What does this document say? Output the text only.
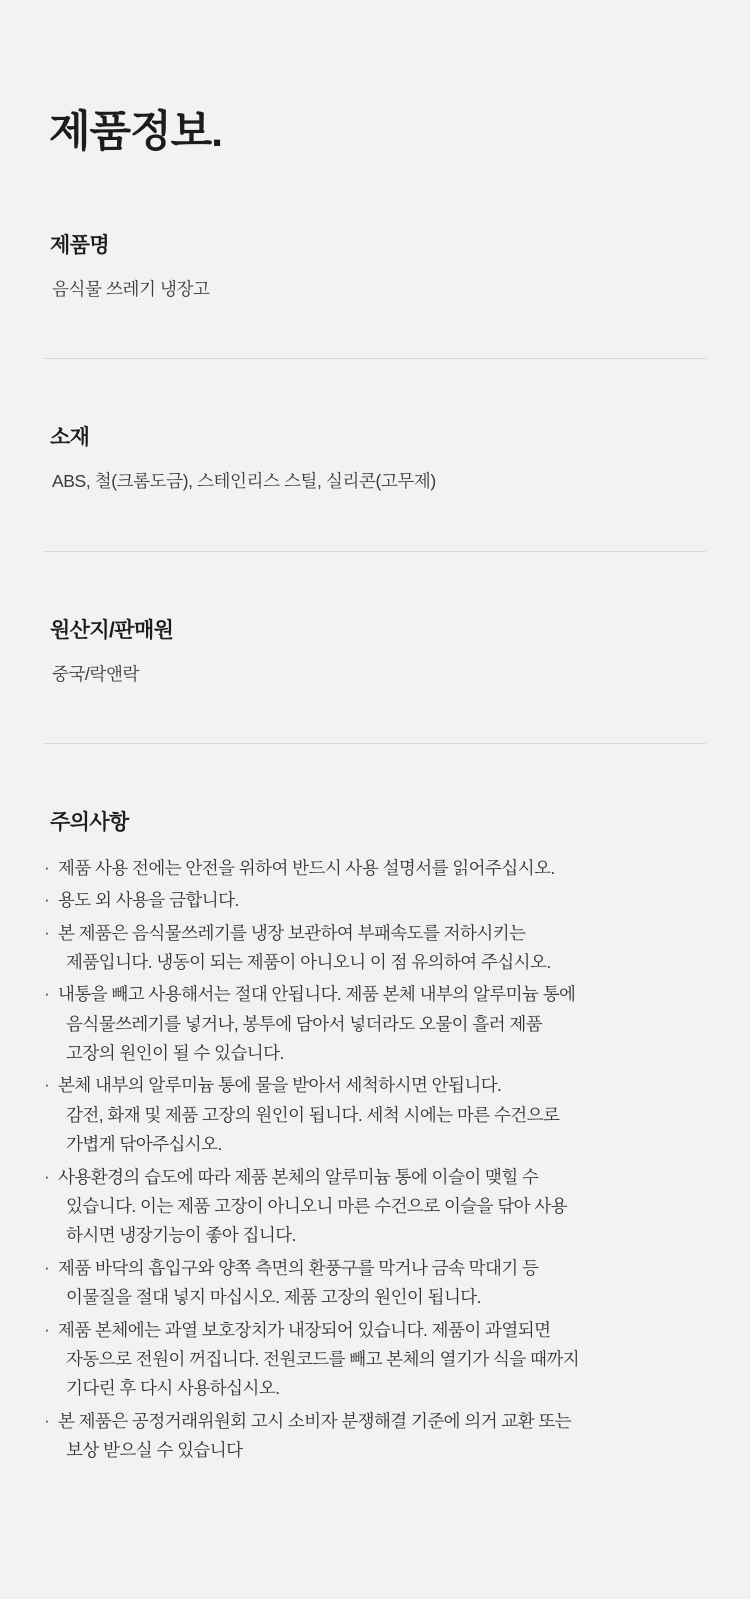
제품정보.
제품명
음식물 쓰레기 냉장고
소재
ABS, 철(크롬도금), 스테인리스 스틸, 실리콘(고무제)
원산지/판매원
중국/락앤락
주의사항
· 제품 사용 전에는 안전을 위하여 반드시 사용 설명서를 읽어주십시오.
· 용도 외 사용을 금합니다.
· 본 제품은 음식물쓰레기를 냉장 보관하여 부패속도를 저하시키는
제품입니다. 냉동이 되는 제품이 아니오니 이 점 유의하여 주십시오.
· 내통을 빼고 사용해서는 절대 안됩니다. 제품 본체 내부의 알루미늄 통에
음식물쓰레기를 넣거나, 봉투에 담아서 넣더라도 오물이 흘러 제품
고장의 원인이 될 수 있습니다.
· 본체 내부의 알루미늄 통에 물을 받아서 세척하시면 안됩니다.
감전, 화재 및 제품 고장의 원인이 됩니다. 세척 시에는 마른 수건으로
가볍게 닦아주십시오.
· 사용환경의 습도에 따라 제품 본체의 알루미늄 통에 이슬이 맺힐 수
있습니다. 이는 제품 고장이 아니오니 마른 수건으로 이슬을 닦아 사용
하시면 냉장기능이 좋아 집니다.
· 제품 바닥의 흡입구와 양쪽 측면의 환풍구를 막거나 금속 막대기 등
이물질을 절대 넣지 마십시오. 제품 고장의 원인이 됩니다.
· 제품 본체에는 과열 보호장치가 내장되어 있습니다. 제품이 과열되면
자동으로 전원이 꺼집니다. 전원코드를 빼고 본체의 열기가 식을 때까지
기다린 후 다시 사용하십시오.
· 본 제품은 공정거래위원회 고시 소비자 분쟁해결 기준에 의거 교환 또는
보상 받으실 수 있습니다
